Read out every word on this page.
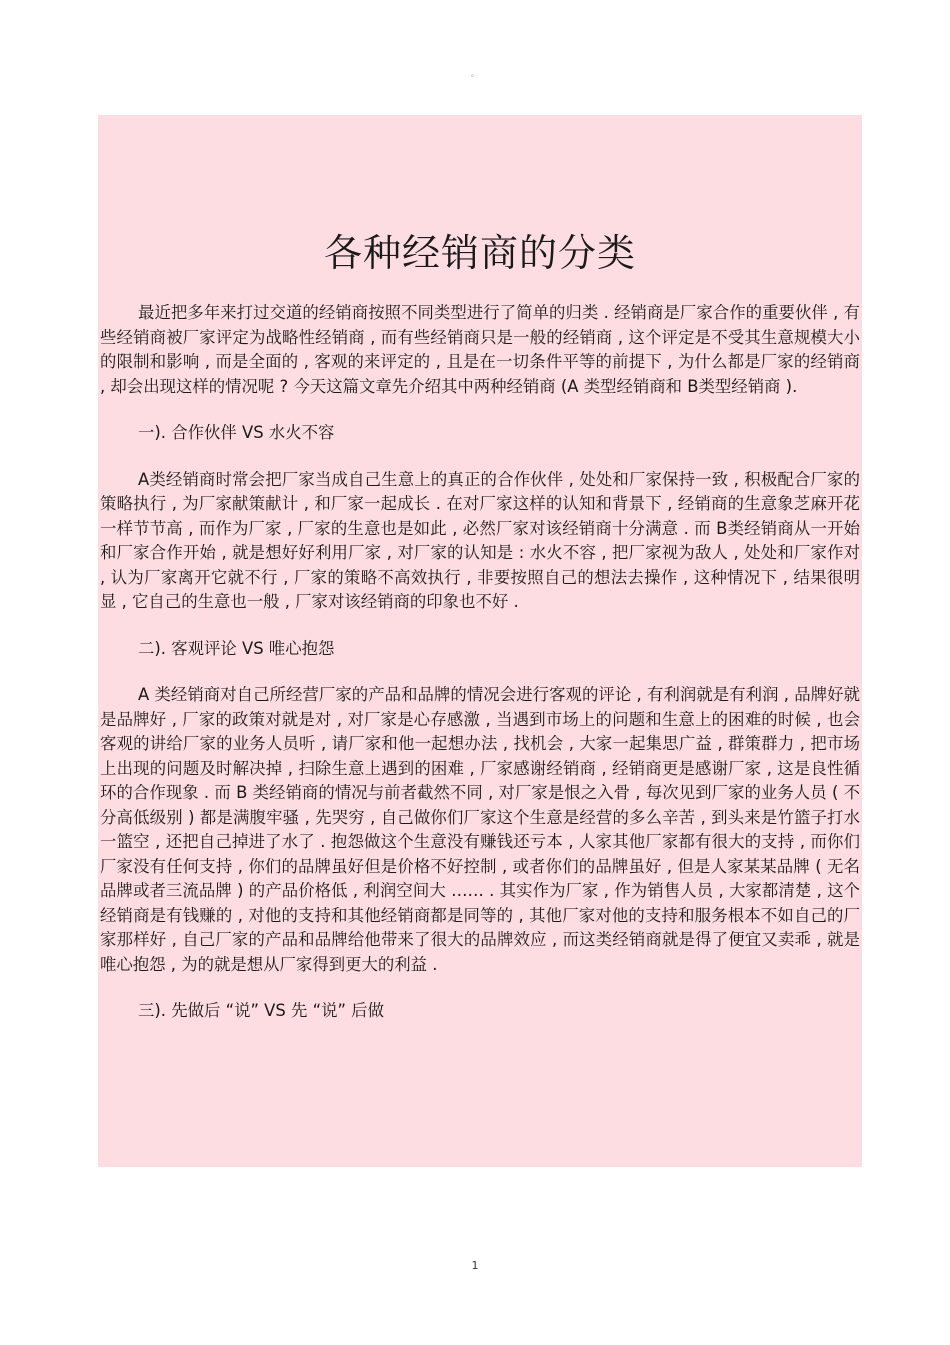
。
各种经销商的分类

最近把多年来打过交道的经销商按照不同类型进行了简单的归类 . 经销商是厂家合作的重要伙伴 , 有些经销商被厂家评定为战略性经销商 , 而有些经销商只是一般的经销商 , 这个评定是不受其生意规模大小的限制和影响 , 而是全面的 , 客观的来评定的 , 且是在一切条件平等的前提下 , 为什么都是厂家的经销商 , 却会出现这样的情况呢 ? 今天这篇文章先介绍其中两种经销商 (A 类型经销商和 B类型经销商 ).

一). 合作伙伴 VS 水火不容

A类经销商时常会把厂家当成自己生意上的真正的合作伙伴 , 处处和厂家保持一致 , 积极配合厂家的策略执行 , 为厂家献策献计 , 和厂家一起成长 . 在对厂家这样的认知和背景下 , 经销商的生意象芝麻开花一样节节高 , 而作为厂家 , 厂家的生意也是如此 , 必然厂家对该经销商十分满意 . 而 B类经销商从一开始和厂家合作开始 , 就是想好好利用厂家 , 对厂家的认知是 : 水火不容 , 把厂家视为敌人 , 处处和厂家作对 , 认为厂家离开它就不行 , 厂家的策略不高效执行 , 非要按照自己的想法去操作 , 这种情况下 , 结果很明显 , 它自己的生意也一般 , 厂家对该经销商的印象也不好 .

二). 客观评论 VS 唯心抱怨

A 类经销商对自己所经营厂家的产品和品牌的情况会进行客观的评论 , 有利润就是有利润 , 品牌好就是品牌好 , 厂家的政策对就是对 , 对厂家是心存感激 , 当遇到市场上的问题和生意上的困难的时候 , 也会客观的讲给厂家的业务人员听 , 请厂家和他一起想办法 , 找机会 , 大家一起集思广益 , 群策群力 , 把市场上出现的问题及时解决掉 , 扫除生意上遇到的困难 , 厂家感谢经销商 , 经销商更是感谢厂家 , 这是良性循环的合作现象 . 而 B 类经销商的情况与前者截然不同 , 对厂家是恨之入骨 , 每次见到厂家的业务人员 ( 不分高低级别 ) 都是满腹牢骚 , 先哭穷 , 自己做你们厂家这个生意是经营的多么辛苦 , 到头来是竹篮子打水一篮空 , 还把自己掉进了水了 . 抱怨做这个生意没有赚钱还亏本 , 人家其他厂家都有很大的支持 , 而你们厂家没有任何支持 , 你们的品牌虽好但是价格不好控制 , 或者你们的品牌虽好 , 但是人家某某品牌 ( 无名品牌或者三流品牌 ) 的产品价格低 , 利润空间大 …… . 其实作为厂家 , 作为销售人员 , 大家都清楚 , 这个经销商是有钱赚的 , 对他的支持和其他经销商都是同等的 , 其他厂家对他的支持和服务根本不如自己的厂家那样好 , 自己厂家的产品和品牌给他带来了很大的品牌效应 , 而这类经销商就是得了便宜又卖乖 , 就是唯心抱怨 , 为的就是想从厂家得到更大的利益 .

三). 先做后 “说” VS 先 “说” 后做

1
